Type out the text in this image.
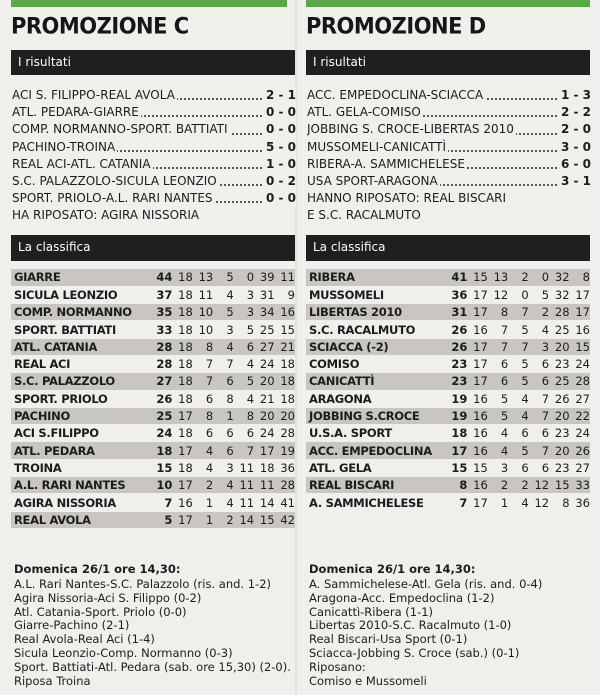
PROMOZIONE C
I risultati
ACI S. FILIPPO-REAL AVOLA	2 - 1
ATL. PEDARA-GIARRE	0 - 0
COMP. NORMANNO-SPORT. BATTIATI	0 - 0
PACHINO-TROINA	5 - 0
REAL ACI-ATL. CATANIA	1 - 0
S.C. PALAZZOLO-SICULA LEONZIO	0 - 2
SPORT. PRIOLO-A.L. RARI NANTES	0 - 0
HA RIPOSATO: AGIRA NISSORIA
La classifica
GIARRE	44	18	13	5	0	39	11
SICULA LEONZIO	37	18	11	4	3	31	9
COMP. NORMANNO	35	18	10	5	3	34	16
SPORT. BATTIATI	33	18	10	3	5	25	15
ATL. CATANIA	28	18	8	4	6	27	21
REAL ACI	28	18	7	7	4	24	18
S.C. PALAZZOLO	27	18	7	6	5	20	18
SPORT. PRIOLO	26	18	6	8	4	21	18
PACHINO	25	17	8	1	8	20	20
ACI S.FILIPPO	24	18	6	6	6	24	28
ATL. PEDARA	18	17	4	6	7	17	19
TROINA	15	18	4	3	11	18	36
A.L. RARI NANTES	10	17	2	4	11	11	28
AGIRA NISSORIA	7	16	1	4	11	14	41
REAL AVOLA	5	17	1	2	14	15	42
Domenica 26/1 ore 14,30:
A.L. Rari Nantes-S.C. Palazzolo (ris. and. 1-2)
Agira Nissoria-Aci S. Filippo (0-2)
Atl. Catania-Sport. Priolo (0-0)
Giarre-Pachino (2-1)
Real Avola-Real Aci (1-4)
Sicula Leonzio-Comp. Normanno (0-3)
Sport. Battiati-Atl. Pedara (sab. ore 15,30) (2-0).
Riposa Troina
PROMOZIONE D
I risultati
ACC. EMPEDOCLINA-SCIACCA	1 - 3
ATL. GELA-COMISO	2 - 2
JOBBING S. CROCE-LIBERTAS 2010	2 - 0
MUSSOMELI-CANICATTÌ	3 - 0
RIBERA-A. SAMMICHELESE	6 - 0
USA SPORT-ARAGONA	3 - 1
HANNO RIPOSATO: REAL BISCARI
E S.C. RACALMUTO
La classifica
RIBERA	41	15	13	2	0	32	8
MUSSOMELI	36	17	12	0	5	32	17
LIBERTAS 2010	31	17	8	7	2	28	17
S.C. RACALMUTO	26	16	7	5	4	25	16
SCIACCA (-2)	26	17	7	7	3	20	15
COMISO	23	17	6	5	6	23	24
CANICATTÌ	23	17	6	5	6	25	28
ARAGONA	19	16	5	4	7	26	27
JOBBING S.CROCE	19	16	5	4	7	20	22
U.S.A. SPORT	18	16	4	6	6	23	24
ACC. EMPEDOCLINA	17	16	4	5	7	20	26
ATL. GELA	15	15	3	6	6	23	27
REAL BISCARI	8	16	2	2	12	15	33
A. SAMMICHELESE	7	17	1	4	12	8	36
Domenica 26/1 ore 14,30:
A. Sammichelese-Atl. Gela (ris. and. 0-4)
Aragona-Acc. Empedoclina (1-2)
Canicattì-Ribera (1-1)
Libertas 2010-S.C. Racalmuto (1-0)
Real Biscari-Usa Sport (0-1)
Sciacca-Jobbing S. Croce (sab.) (0-1)
Riposano:
Comiso e Mussomeli
